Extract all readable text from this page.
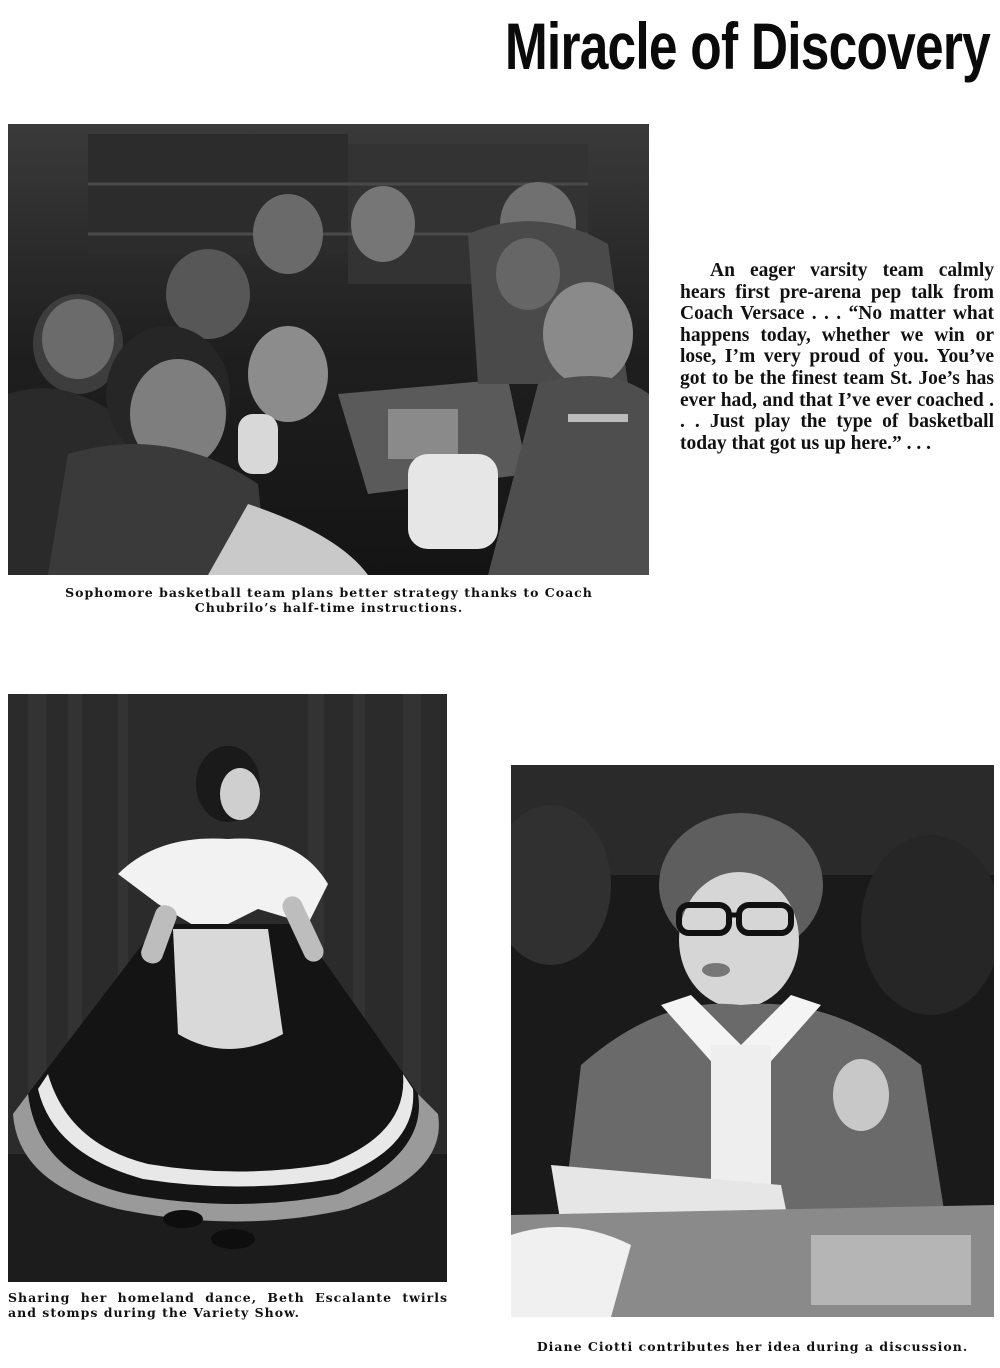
Miracle of Discovery
Sophomore basketball team plans better strategy thanks to Coach Chubrilo’s half-time instructions.
An eager varsity team calmly hears first pre-arena pep talk from Coach Versace . . . “No matter what happens today, whether we win or lose, I’m very proud of you. You’ve got to be the finest team St. Joe’s has ever had, and that I’ve ever coached . . . Just play the type of basketball today that got us up here.” . . .
Sharing her homeland dance, Beth Escalante twirls and stomps during the Variety Show.
Diane Ciotti contributes her idea during a discussion.
